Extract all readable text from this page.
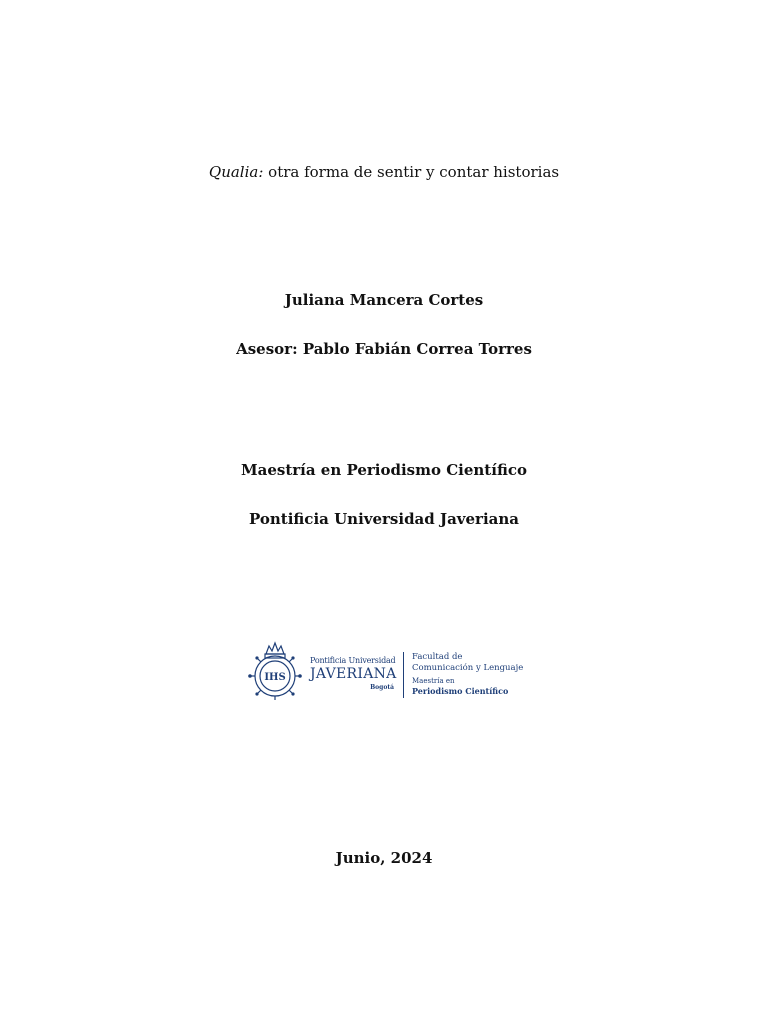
Qualia: otra forma de sentir y contar historias
Juliana Mancera Cortes
Asesor: Pablo Fabián Correa Torres
Maestría en Periodismo Científico
Pontificia Universidad Javeriana
IHS
Pontificia Universidad
JAVERIANA
Bogotá
Facultad de
Comunicación y Lenguaje
Maestría en
Periodismo Científico
Junio, 2024
